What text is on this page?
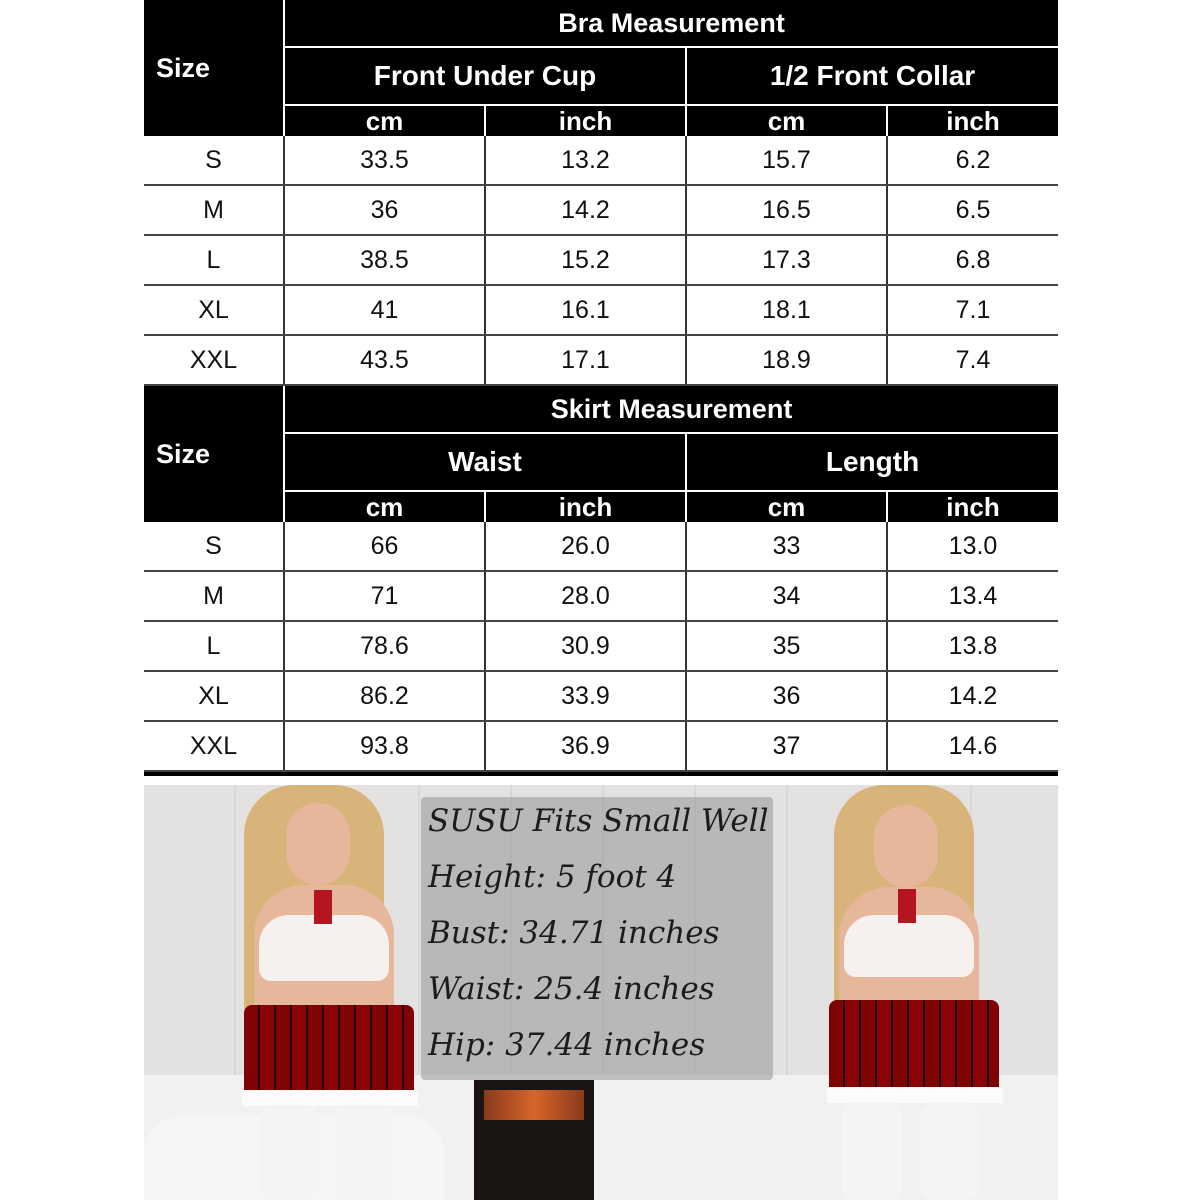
Size	Bra Measurement			
	Front Under Cup		1/2 Front Collar	
	cm	inch	cm	inch
S	33.5	13.2	15.7	6.2
M	36	14.2	16.5	6.5
L	38.5	15.2	17.3	6.8
XL	41	16.1	18.1	7.1
XXL	43.5	17.1	18.9	7.4
Size	Skirt Measurement			
	Waist		Length	
	cm	inch	cm	inch
S	66	26.0	33	13.0
M	71	28.0	34	13.4
L	78.6	30.9	35	13.8
XL	86.2	33.9	36	14.2
XXL	93.8	36.9	37	14.6
SUSU Fits Small Well
Height: 5 foot 4
Bust: 34.71 inches
Waist: 25.4 inches
Hip: 37.44 inches
